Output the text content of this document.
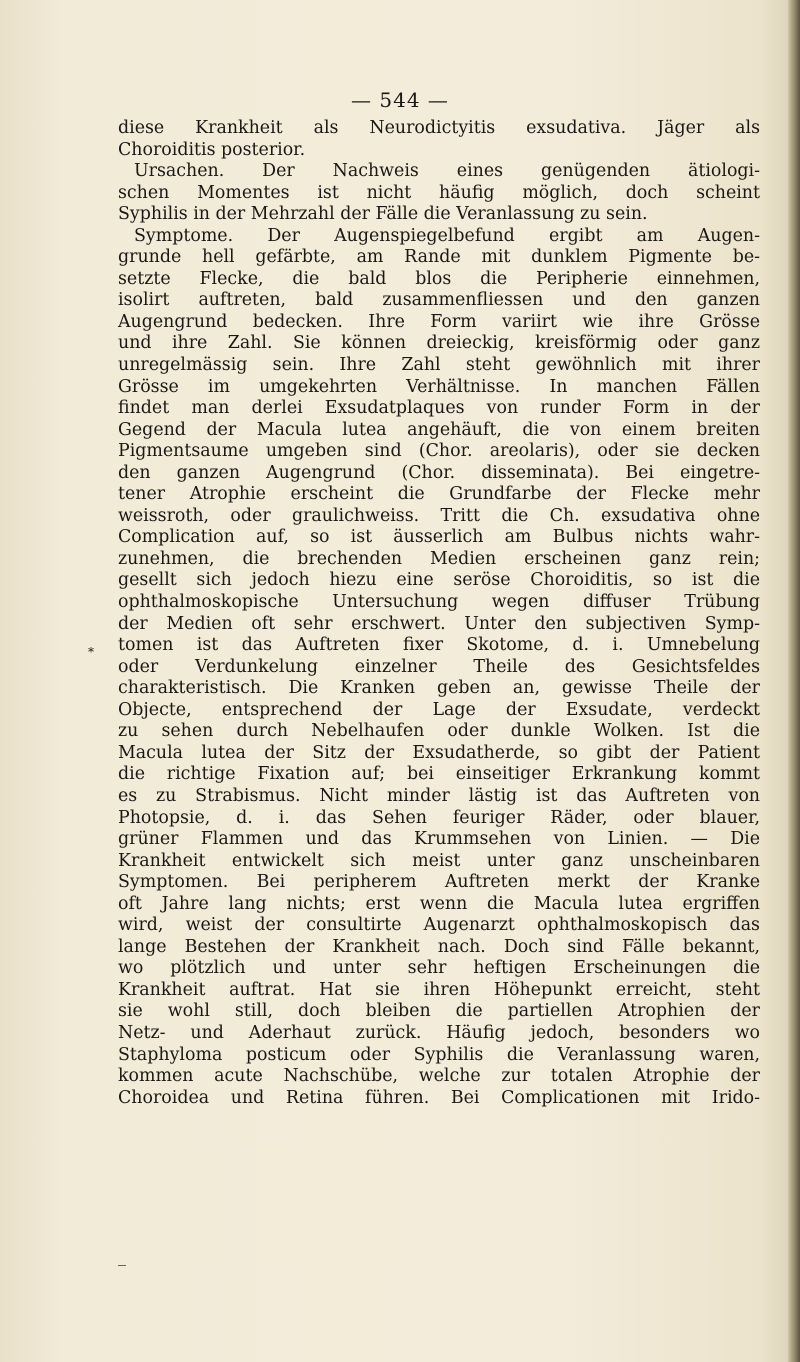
— 544 —
diese Krankheit als Neurodictyitis exsudativa. Jäger als
Choroiditis posterior.
Ursachen. Der Nachweis eines genügenden ätiologi-
schen Momentes ist nicht häufig möglich, doch scheint
Syphilis in der Mehrzahl der Fälle die Veranlassung zu sein.
Symptome. Der Augenspiegelbefund ergibt am Augen-
grunde hell gefärbte, am Rande mit dunklem Pigmente be-
setzte Flecke, die bald blos die Peripherie einnehmen,
isolirt auftreten, bald zusammenfliessen und den ganzen
Augengrund bedecken. Ihre Form variirt wie ihre Grösse
und ihre Zahl. Sie können dreieckig, kreisförmig oder ganz
unregelmässig sein. Ihre Zahl steht gewöhnlich mit ihrer
Grösse im umgekehrten Verhältnisse. In manchen Fällen
findet man derlei Exsudatplaques von runder Form in der
Gegend der Macula lutea angehäuft, die von einem breiten
Pigmentsaume umgeben sind (Chor. areolaris), oder sie decken
den ganzen Augengrund (Chor. disseminata). Bei eingetre-
tener Atrophie erscheint die Grundfarbe der Flecke mehr
weissroth, oder graulichweiss. Tritt die Ch. exsudativa ohne
Complication auf, so ist äusserlich am Bulbus nichts wahr-
zunehmen, die brechenden Medien erscheinen ganz rein;
gesellt sich jedoch hiezu eine seröse Choroiditis, so ist die
ophthalmoskopische Untersuchung wegen diffuser Trübung
der Medien oft sehr erschwert. Unter den subjectiven Symp-
tomen ist das Auftreten fixer Skotome, d. i. Umnebelung
oder Verdunkelung einzelner Theile des Gesichtsfeldes
charakteristisch. Die Kranken geben an, gewisse Theile der
Objecte, entsprechend der Lage der Exsudate, verdeckt
zu sehen durch Nebelhaufen oder dunkle Wolken. Ist die
Macula lutea der Sitz der Exsudatherde, so gibt der Patient
die richtige Fixation auf; bei einseitiger Erkrankung kommt
es zu Strabismus. Nicht minder lästig ist das Auftreten von
Photopsie, d. i. das Sehen feuriger Räder, oder blauer,
grüner Flammen und das Krummsehen von Linien. — Die
Krankheit entwickelt sich meist unter ganz unscheinbaren
Symptomen. Bei peripherem Auftreten merkt der Kranke
oft Jahre lang nichts; erst wenn die Macula lutea ergriffen
wird, weist der consultirte Augenarzt ophthalmoskopisch das
lange Bestehen der Krankheit nach. Doch sind Fälle bekannt,
wo plötzlich und unter sehr heftigen Erscheinungen die
Krankheit auftrat. Hat sie ihren Höhepunkt erreicht, steht
sie wohl still, doch bleiben die partiellen Atrophien der
Netz- und Aderhaut zurück. Häufig jedoch, besonders wo
Staphyloma posticum oder Syphilis die Veranlassung waren,
kommen acute Nachschübe, welche zur totalen Atrophie der
Choroidea und Retina führen. Bei Complicationen mit Irido-
*
